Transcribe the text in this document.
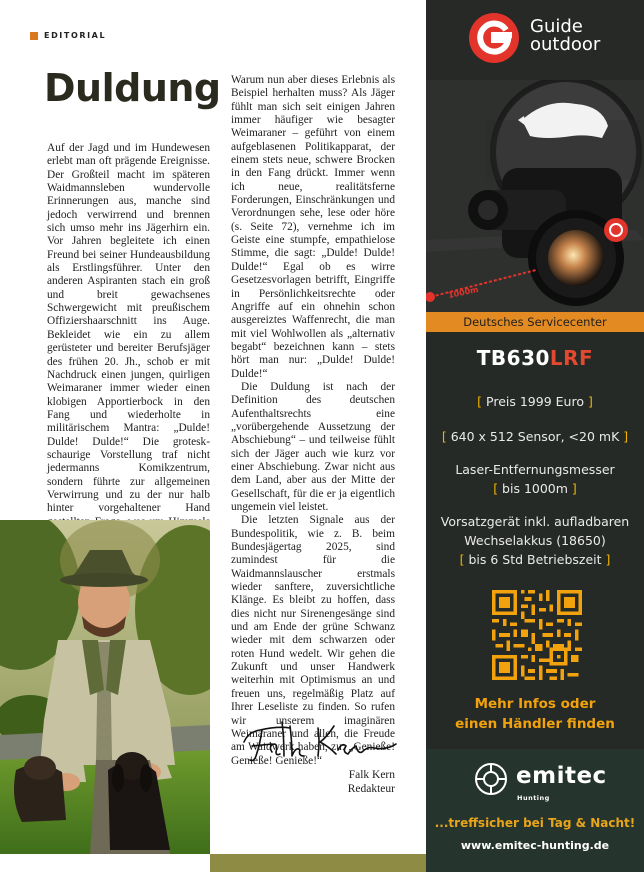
EDITORIAL
Duldung

Auf der Jagd und im Hundewesen erlebt man oft prägende Ereignisse. Der Großteil macht im späteren Waidmannsleben wundervolle Erinnerungen aus, manche sind jedoch verwirrend und brennen sich umso mehr ins Jägerhirn ein. Vor Jahren begleitete ich einen Freund bei seiner Hundeausbildung als Erstlingsführer. Unter den anderen Aspiranten stach ein groß und breit gewachsenes Schwergewicht mit preußischem Offiziershaarschnitt ins Auge. Bekleidet wie ein zu allem gerüsteter und bereiter Berufsjäger des frühen 20. Jh., schob er mit Nachdruck einen jungen, quirligen Weimaraner immer wieder einen klobigen Apportierbock in den Fang und wiederholte in militärischem Mantra: „Dulde! Dulde! Dulde!“ Die grotesk-schaurige Vorstellung traf nicht jedermanns Komikzentrum, sondern führte zur allgemeinen Verwirrung und zu der nur halb hinter vorgehaltener Hand

Warum nun aber dieses Erlebnis als Beispiel herhalten muss? Als Jäger fühlt man sich seit einigen Jahren immer häufiger wie besagter Weimaraner – geführt von einem aufgeblasenen Politikapparat, der einem stets neue, schwere Brocken in den Fang drückt. Immer wenn ich neue, realitätsferne Forderungen, Einschränkungen und Verordnungen sehe, lese oder höre (s. Seite 72), vernehme ich im Geiste eine stumpfe, empathielose Stimme, die sagt: „Dulde! Dulde! Dulde!“ Egal ob es wirre Gesetzesvorlagen betrifft, Eingriffe in Persönlichkeitsrechte oder Angriffe auf ein ohnehin schon ausgereiztes Waffenrecht, die man mit viel Wohlwollen als „alternativ begabt“ bezeichnen kann – stets hört man nur: „Dulde! Dulde! Dulde!“

Die Duldung ist nach der Definition des deutschen Aufenthaltsrechts eine „vorübergehende Aussetzung der Abschiebung“ – und teilweise fühlt sich der Jäger auch wie kurz vor einer Abschiebung. Zwar nicht aus dem Land, aber aus der Mitte der Gesellschaft, für die er ja eigentlich ungemein viel leistet.

Die letzten Signale aus der Bundespolitik, wie z. B. beim Bundesjägertag 2025, sind zumindest für die Waidmannslauscher erstmals wieder sanftere, zuversichtliche Klänge. Es bleibt zu hoffen, dass dies nicht nur Sirenengesänge sind und am Ende der grüne Schwanz wieder mit dem schwarzen oder roten Hund wedelt. Wir gehen die Zukunft und unser Handwerk weiterhin mit Optimismus an und freuen uns, regelmäßig Platz auf Ihrer Leseliste zu finden. So rufen wir unserem imaginären Weimaraner und allen, die Freude am Waidwerk haben, zu: „Genieße! Genieße! Genieße!“

Falk Kern
Redakteur
Guide
outdoor
1000m
Deutsches Servicecenter
TB630LRF
[ Preis 1999 Euro ]
[ 640 x 512 Sensor, <20 mK ]
Laser-Entfernungsmesser
[ bis 1000m ]
Vorsatzgerät inkl. aufladbaren
Wechselakkus (18650)
[ bis 6 Std Betriebszeit ]
emitec
Hunting
...treffsicher bei Tag & Nacht!
www.emitec-hunting.de
Mehr Infos oder
einen Händler finden
